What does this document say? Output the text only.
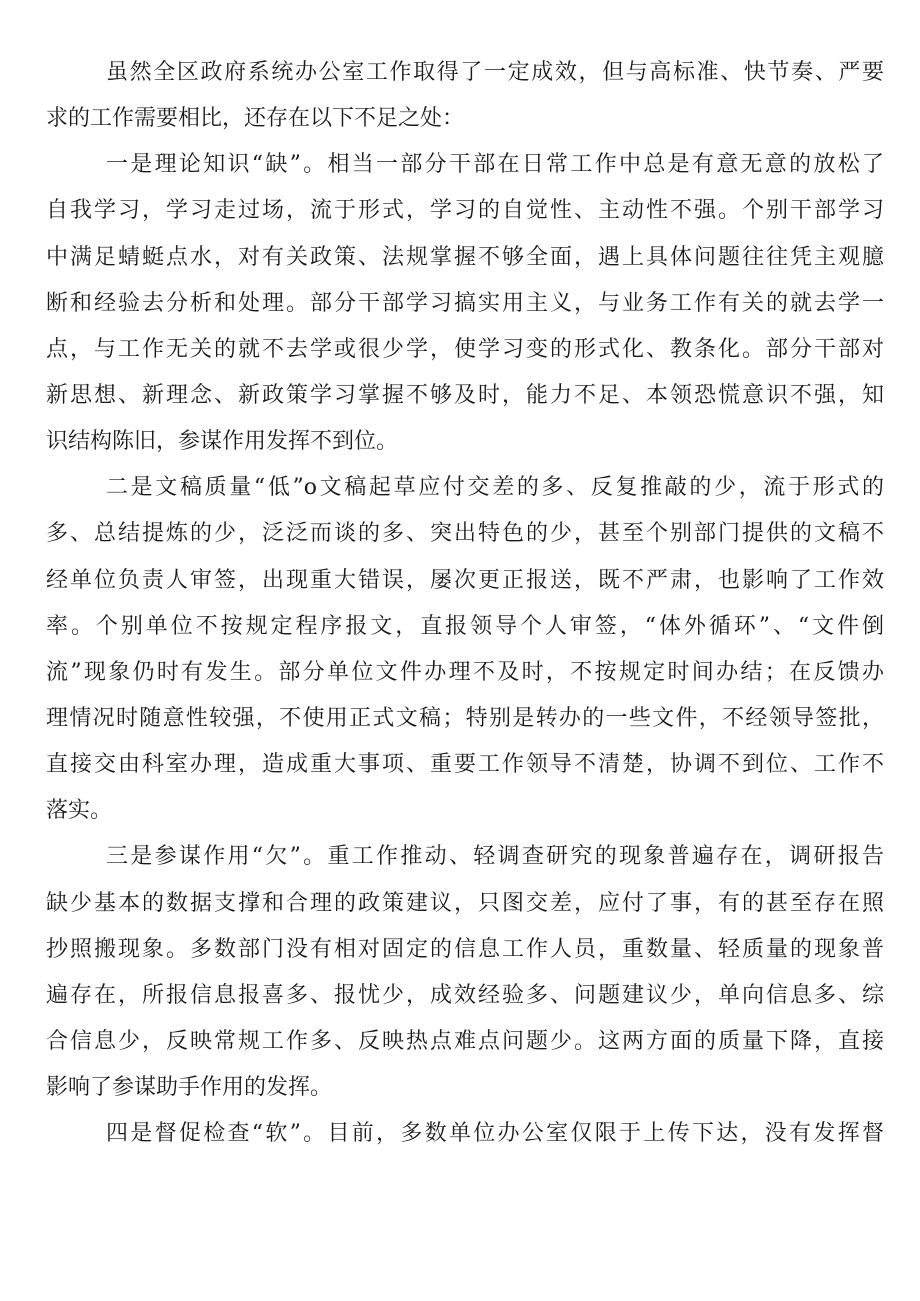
虽然全区政府系统办公室工作取得了一定成效，但与高标准、快节奏、严要
求的工作需要相比，还存在以下不足之处：
一是理论知识“缺”。相当一部分干部在日常工作中总是有意无意的放松了
自我学习，学习走过场，流于形式，学习的自觉性、主动性不强。个别干部学习
中满足蜻蜓点水，对有关政策、法规掌握不够全面，遇上具体问题往往凭主观臆
断和经验去分析和处理。部分干部学习搞实用主义，与业务工作有关的就去学一
点，与工作无关的就不去学或很少学，使学习变的形式化、教条化。部分干部对
新思想、新理念、新政策学习掌握不够及时，能力不足、本领恐慌意识不强，知
识结构陈旧，参谋作用发挥不到位。
二是文稿质量“低”o文稿起草应付交差的多、反复推敲的少，流于形式的
多、总结提炼的少，泛泛而谈的多、突出特色的少，甚至个别部门提供的文稿不
经单位负责人审签，出现重大错误，屡次更正报送，既不严肃，也影响了工作效
率。个别单位不按规定程序报文，直报领导个人审签，“体外循环”、“文件倒
流”现象仍时有发生。部分单位文件办理不及时，不按规定时间办结；在反馈办
理情况时随意性较强，不使用正式文稿；特别是转办的一些文件，不经领导签批，
直接交由科室办理，造成重大事项、重要工作领导不清楚，协调不到位、工作不
落实。
三是参谋作用“欠”。重工作推动、轻调查研究的现象普遍存在，调研报告
缺少基本的数据支撑和合理的政策建议，只图交差，应付了事，有的甚至存在照
抄照搬现象。多数部门没有相对固定的信息工作人员，重数量、轻质量的现象普
遍存在，所报信息报喜多、报忧少，成效经验多、问题建议少，单向信息多、综
合信息少，反映常规工作多、反映热点难点问题少。这两方面的质量下降，直接
影响了参谋助手作用的发挥。
四是督促检查“软”。目前，多数单位办公室仅限于上传下达，没有发挥督
